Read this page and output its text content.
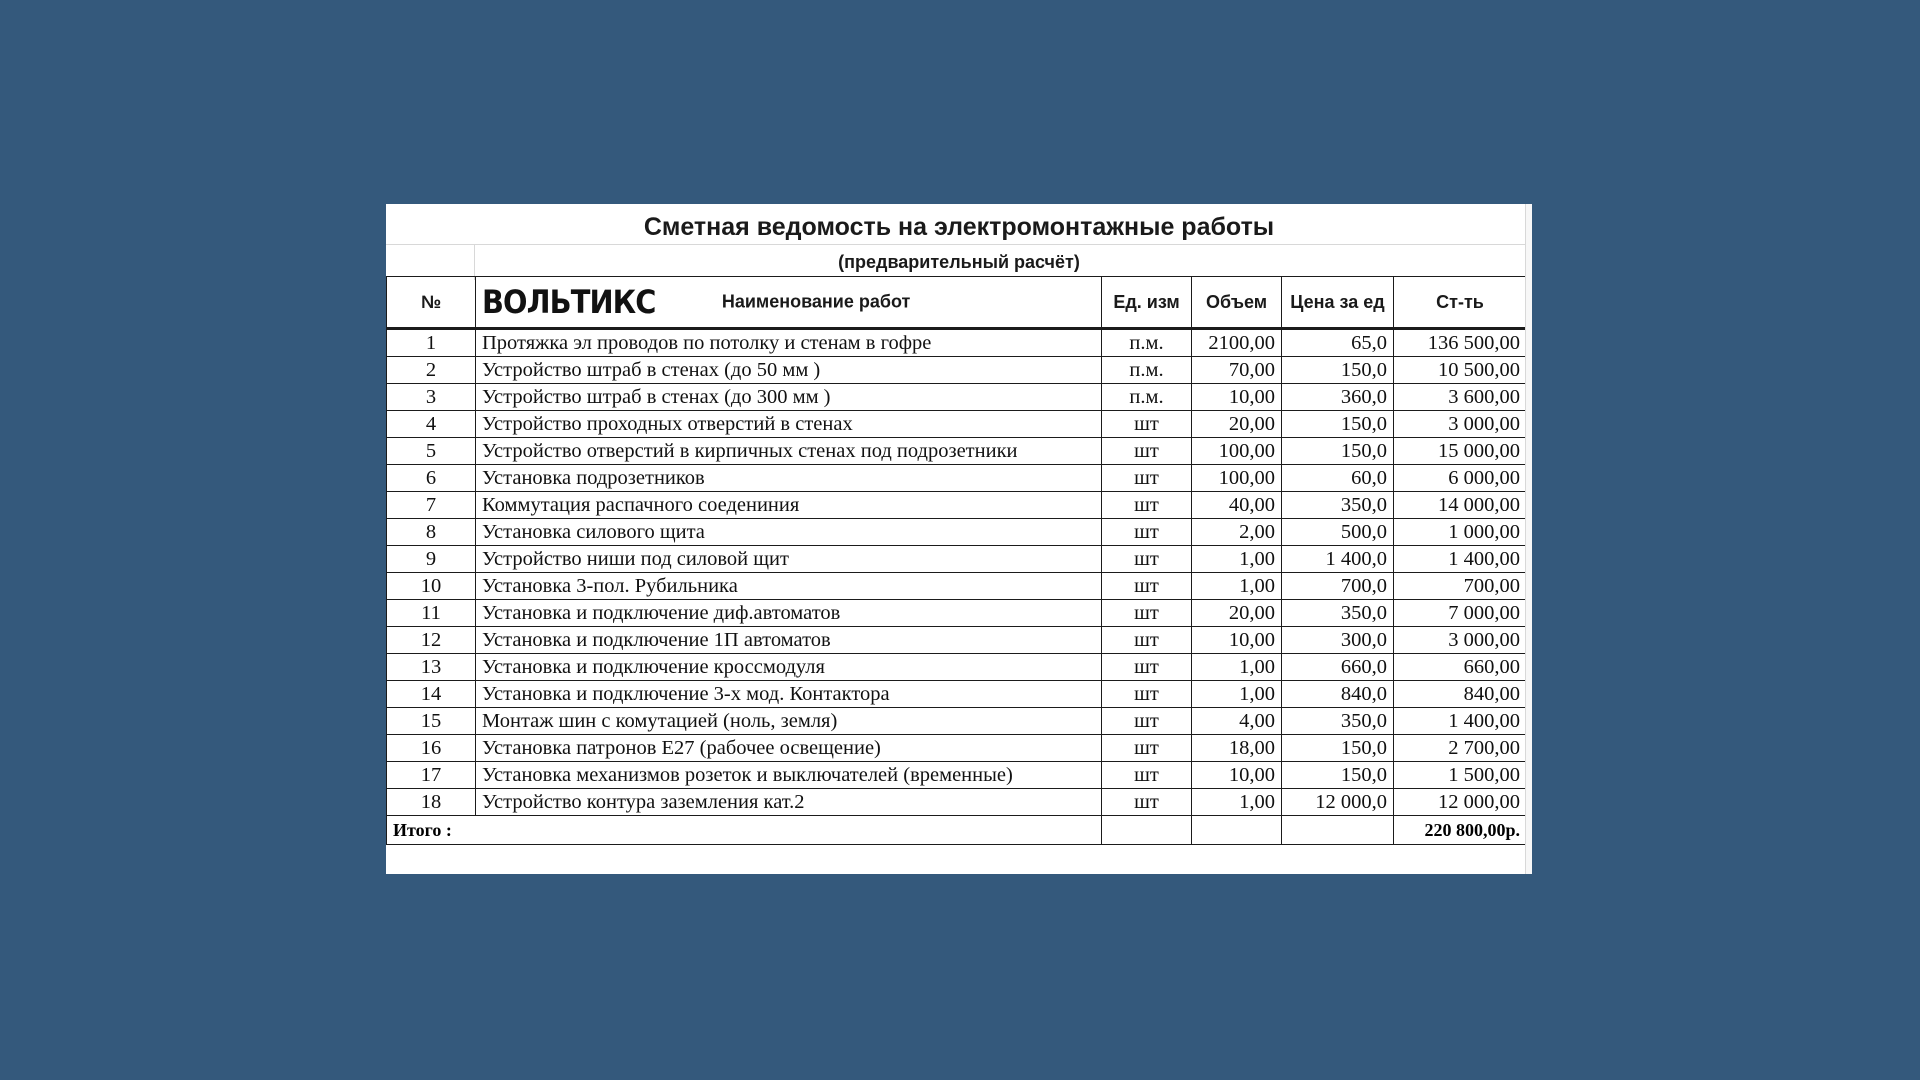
Сметная ведомость на электромонтажные работы
(предварительный расчёт)
№	ВОЛЬТИКС Наименование работ	Ед. изм	Объем	Цена за ед	Ст-ть
1	Протяжка эл проводов по потолку и стенам в гофре	п.м.	2100,00	65,0	136 500,00
2	Устройство штраб в стенах (до 50 мм )	п.м.	70,00	150,0	10 500,00
3	Устройство штраб в стенах (до 300 мм )	п.м.	10,00	360,0	3 600,00
4	Устройство проходных отверстий в стенах	шт	20,00	150,0	3 000,00
5	Устройство отверстий в кирпичных стенах под подрозетники	шт	100,00	150,0	15 000,00
6	Установка подрозетников	шт	100,00	60,0	6 000,00
7	Коммутация распачного соедениния	шт	40,00	350,0	14 000,00
8	Установка силового щита	шт	2,00	500,0	1 000,00
9	Устройство ниши под силовой щит	шт	1,00	1 400,0	1 400,00
10	Установка 3-пол. Рубильника	шт	1,00	700,0	700,00
11	Установка и подключение диф.автоматов	шт	20,00	350,0	7 000,00
12	Установка и подключение 1П автоматов	шт	10,00	300,0	3 000,00
13	Установка и подключение кроссмодуля	шт	1,00	660,0	660,00
14	Установка и подключение 3-х мод. Контактора	шт	1,00	840,0	840,00
15	Монтаж шин с комутацией (ноль, земля)	шт	4,00	350,0	1 400,00
16	Установка патронов Е27 (рабочее освещение)	шт	18,00	150,0	2 700,00
17	Установка механизмов розеток и выключателей (временные)	шт	10,00	150,0	1 500,00
18	Устройство контура заземления кат.2	шт	1,00	12 000,0	12 000,00
Итого :					220 800,00р.
